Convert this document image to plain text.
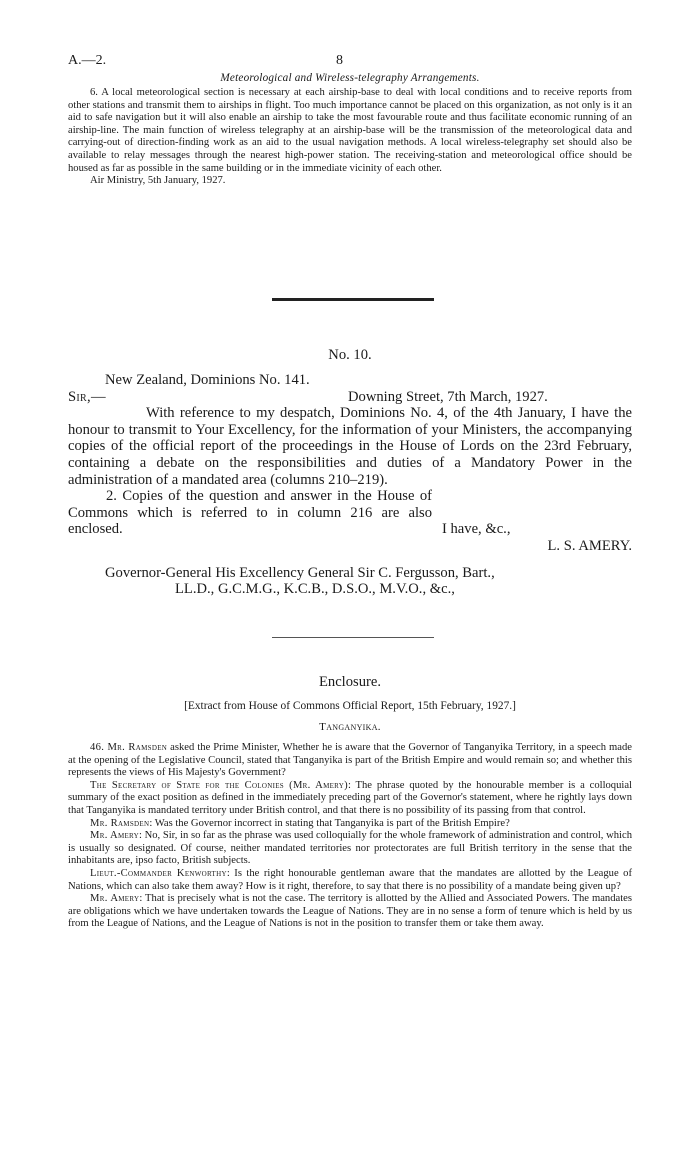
A.—2.	8
Meteorological and Wireless-telegraphy Arrangements.

6. A local meteorological section is necessary at each airship-base to deal with local conditions and to receive reports from other stations and transmit them to airships in flight. Too much importance cannot be placed on this organization, as not only is it an aid to safe navigation but it will also enable an airship to take the most favourable route and thus facilitate economic running of an airship-line. The main function of wireless telegraphy at an airship-base will be the transmission of the meteorological data and carrying-out of direction-finding work as an aid to the usual navigation methods. A local wireless-telegraphy set should also be available to relay messages through the nearest high-power station. The receiving-station and meteorological office should be housed as far as possible in the same building or in the immediate vicinity of each other.

Air Ministry, 5th January, 1927.

No. 10.

New Zealand, Dominions No. 141.

Sir,—	Downing Street, 7th March, 1927.

With reference to my despatch, Dominions No. 4, of the 4th January, I have the honour to transmit to Your Excellency, for the information of your Ministers, the accompanying copies of the official report of the proceedings in the House of Lords on the 23rd February, containing a debate on the responsibilities and duties of a Mandatory Power in the administration of a mandated area (columns 210–219).

2. Copies of the question and answer in the House of Commons which is referred to in column 216 are also enclosed.	I have, &c.,

L. S. AMERY.

Governor-General His Excellency General Sir C. Fergusson, Bart.,

LL.D., G.C.M.G., K.C.B., D.S.O., M.V.O., &c.,

Enclosure.
[Extract from House of Commons Official Report, 15th February, 1927.]
Tanganyika.

46. Mr. Ramsden asked the Prime Minister, Whether he is aware that the Governor of Tanganyika Territory, in a speech made at the opening of the Legislative Council, stated that Tanganyika is part of the British Empire and would remain so; and whether this represents the views of His Majesty's Government?

The Secretary of State for the Colonies (Mr. Amery): The phrase quoted by the honourable member is a colloquial summary of the exact position as defined in the immediately preceding part of the Governor's statement, where he rightly lays down that Tanganyika is mandated territory under British control, and that there is no possibility of its passing from that control.

Mr. Ramsden: Was the Governor incorrect in stating that Tanganyika is part of the British Empire?

Mr. Amery: No, Sir, in so far as the phrase was used colloquially for the whole framework of administration and control, which is usually so designated. Of course, neither mandated territories nor protectorates are full British territory in the sense that the inhabitants are, ipso facto, British subjects.

Lieut.-Commander Kenworthy: Is the right honourable gentleman aware that the mandates are allotted by the League of Nations, which can also take them away? How is it right, therefore, to say that there is no possibility of a mandate being given up?

Mr. Amery: That is precisely what is not the case. The territory is allotted by the Allied and Associated Powers. The mandates are obligations which we have undertaken towards the League of Nations. They are in no sense a form of tenure which is held by us from the League of Nations, and the League of Nations is not in the position to transfer them or take them away.
